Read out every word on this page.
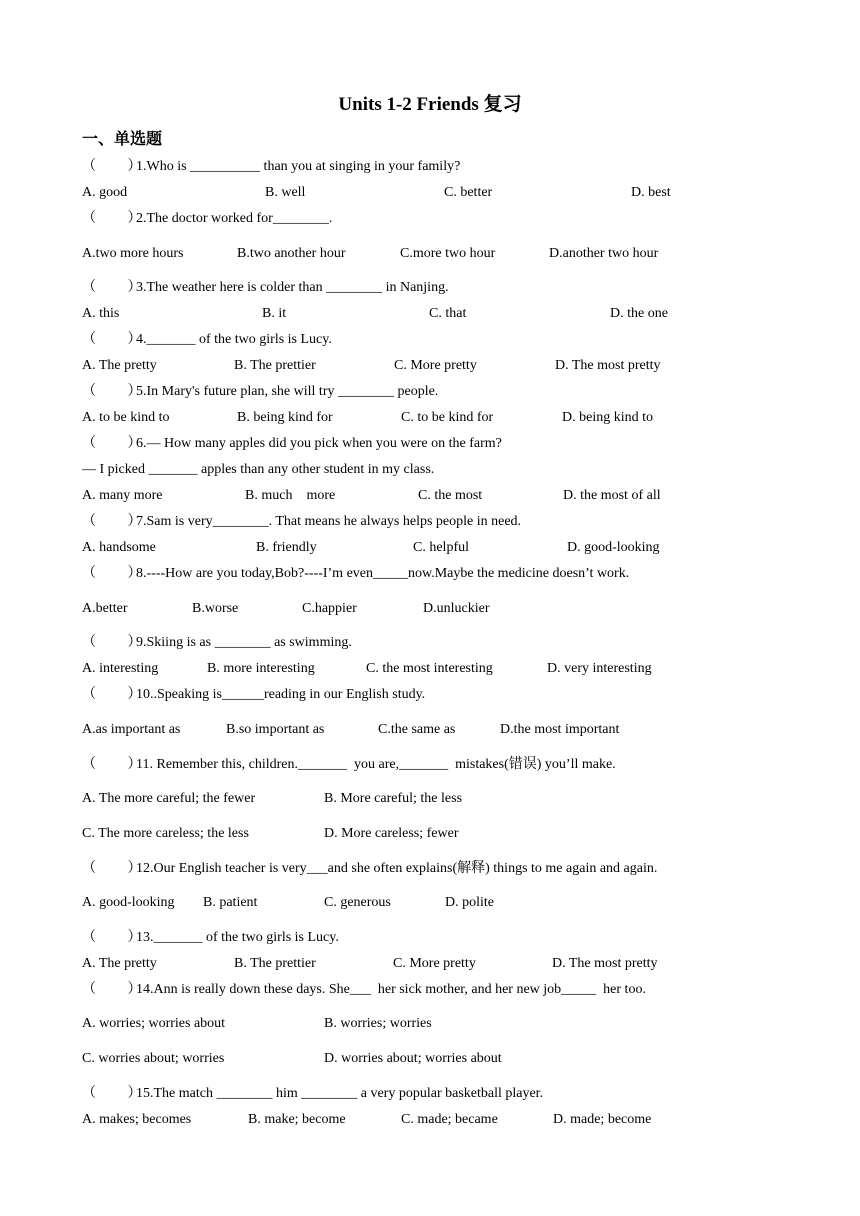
Units 1-2 Friends 复习
一、单选题
（         ）1.Who is __________ than you at singing in your family?
A. good	B. well	C. better	D. best
（         ）2.The doctor worked for________.
A.two more hours	B.two another hour	C.more two hour	D.another two hour
（         ）3.The weather here is colder than ________ in Nanjing.
A. this	B. it	C. that	D. the one
（         ）4._______ of the two girls is Lucy.
A. The pretty	B. The prettier	C. More pretty	D. The most pretty
（         ）5.In Mary's future plan, she will try ________ people.
A. to be kind to	B. being kind for	C. to be kind for	D. being kind to
（         ）6.— How many apples did you pick when you were on the farm?
— I picked _______ apples than any other student in my class.
A. many more	B. much    more	C. the most	D. the most of all
（         ）7.Sam is very________. That means he always helps people in need.
A. handsome	B. friendly	C. helpful	D. good-looking
（         ）8.----How are you today,Bob?----I’m even_____now.Maybe the medicine doesn’t work.
A.better	B.worse	C.happier	D.unluckier
（         ）9.Skiing is as ________ as swimming.
A. interesting	B. more interesting	C. the most interesting	D. very interesting
（         ）10..Speaking is______reading in our English study.
A.as important as	B.so important as	C.the same as	D.the most important
（         ）11. Remember this, children._______  you are,_______  mistakes(错误) you’ll make.
A. The more careful; the fewer	B. More careful; the less
C. The more careless; the less	D. More careless; fewer
（         ）12.Our English teacher is very___and she often explains(解释) things to me again and again.
A. good-looking B. patient	C. generous	D. polite
（         ）13._______ of the two girls is Lucy.
A. The pretty	B. The prettier	C. More pretty	D. The most pretty
（         ）14.Ann is really down these days. She___  her sick mother, and her new job_____  her too.
A. worries; worries about	B. worries; worries
C. worries about; worries	D. worries about; worries about
（         ）15.The match ________ him ________ a very popular basketball player.
A. makes; becomes	B. make; become	C. made; became	D. made; become
